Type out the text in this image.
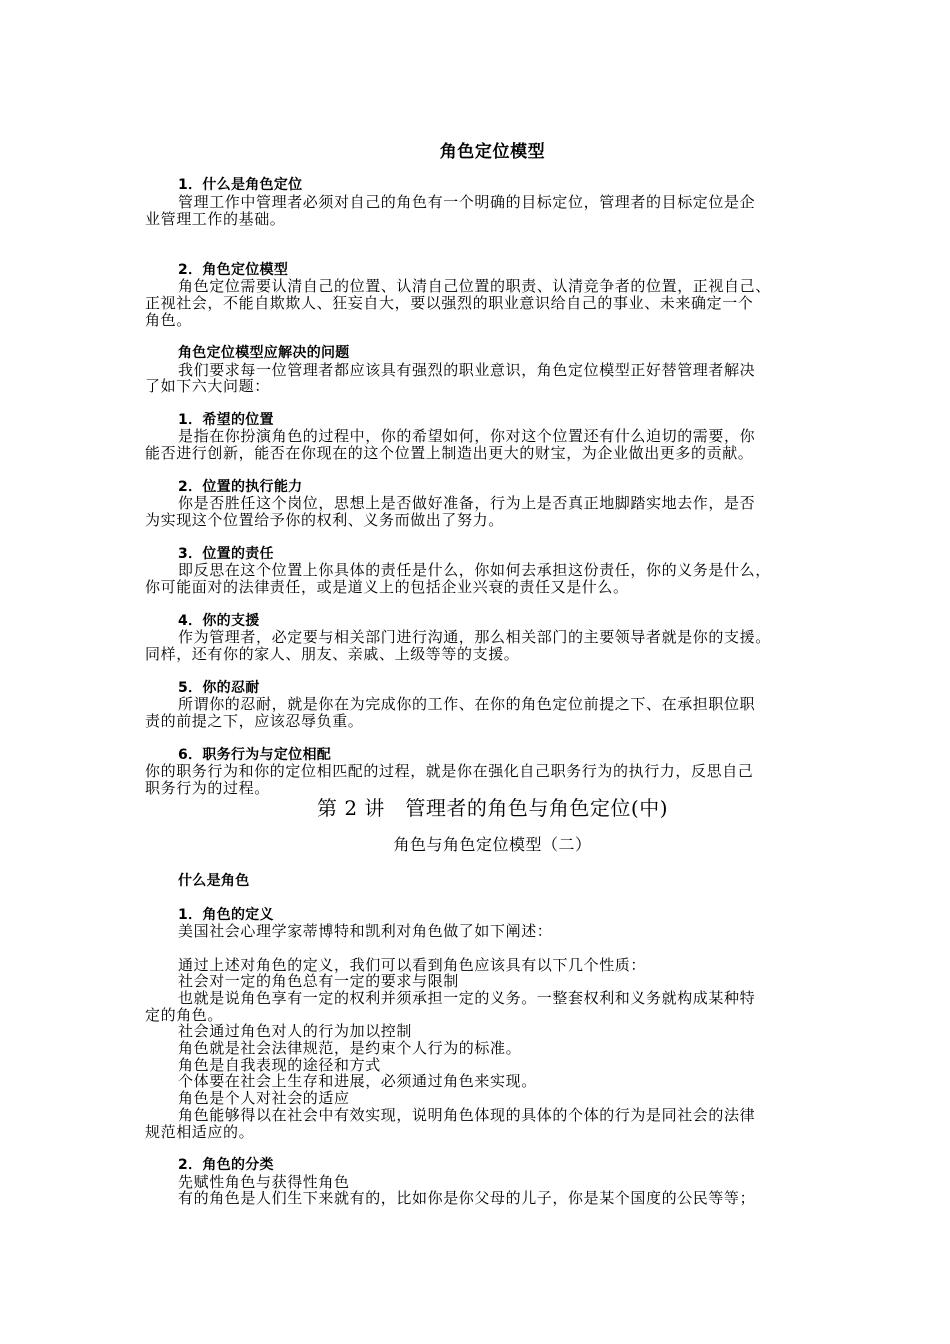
角色定位模型
1．什么是角色定位
管理工作中管理者必须对自己的角色有一个明确的目标定位，管理者的目标定位是企
业管理工作的基础。
2．角色定位模型
角色定位需要认清自己的位置、认清自己位置的职责、认清竞争者的位置，正视自己、
正视社会，不能自欺欺人、狂妄自大，要以强烈的职业意识给自己的事业、未来确定一个
角色。
角色定位模型应解决的问题
我们要求每一位管理者都应该具有强烈的职业意识，角色定位模型正好替管理者解决
了如下六大问题：
1．希望的位置
是指在你扮演角色的过程中，你的希望如何，你对这个位置还有什么迫切的需要，你
能否进行创新，能否在你现在的这个位置上制造出更大的财宝，为企业做出更多的贡献。
2．位置的执行能力
你是否胜任这个岗位，思想上是否做好准备，行为上是否真正地脚踏实地去作，是否
为实现这个位置给予你的权利、义务而做出了努力。
3．位置的责任
即反思在这个位置上你具体的责任是什么，你如何去承担这份责任，你的义务是什么，
你可能面对的法律责任，或是道义上的包括企业兴衰的责任又是什么。
4．你的支援
作为管理者，必定要与相关部门进行沟通，那么相关部门的主要领导者就是你的支援。
同样，还有你的家人、朋友、亲戚、上级等等的支援。
5．你的忍耐
所谓你的忍耐，就是你在为完成你的工作、在你的角色定位前提之下、在承担职位职
责的前提之下，应该忍辱负重。
6．职务行为与定位相配
你的职务行为和你的定位相匹配的过程，就是你在强化自己职务行为的执行力，反思自己
职务行为的过程。
第 2 讲　管理者的角色与角色定位(中)
角色与角色定位模型（二）
什么是角色
1．角色的定义
美国社会心理学家蒂博特和凯利对角色做了如下阐述：
通过上述对角色的定义，我们可以看到角色应该具有以下几个性质：
社会对一定的角色总有一定的要求与限制
也就是说角色享有一定的权利并须承担一定的义务。一整套权利和义务就构成某种特
定的角色。
社会通过角色对人的行为加以控制
角色就是社会法律规范，是约束个人行为的标准。
角色是自我表现的途径和方式
个体要在社会上生存和进展，必须通过角色来实现。
角色是个人对社会的适应
角色能够得以在社会中有效实现，说明角色体现的具体的个体的行为是同社会的法律
规范相适应的。
2．角色的分类
先赋性角色与获得性角色
有的角色是人们生下来就有的，比如你是你父母的儿子，你是某个国度的公民等等；
